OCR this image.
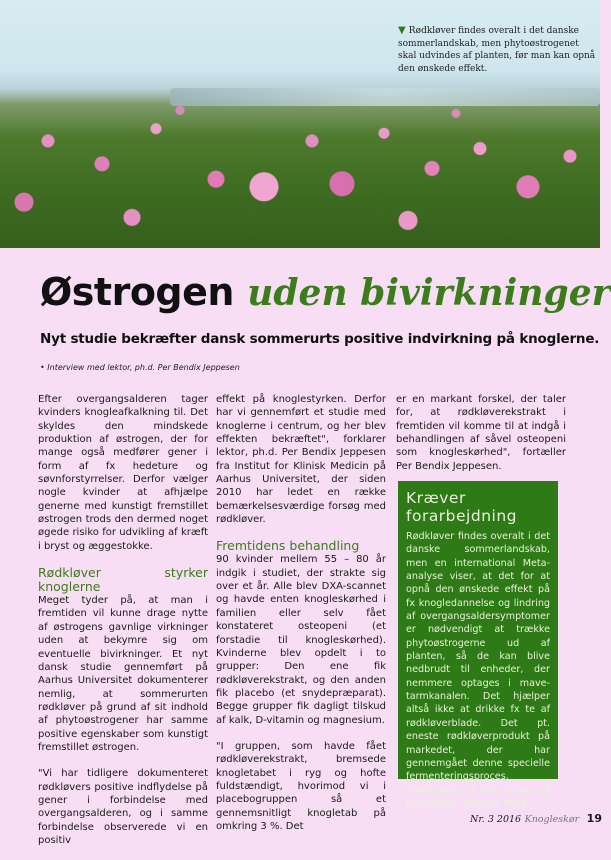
▼ Rødkløver findes overalt i det danske sommerlandskab, men phytoøstrogenet skal udvindes af planten, før man kan opnå den ønskede effekt.
Østrogen uden bivirkninger
Nyt studie bekræfter dansk sommerurts positive indvirkning på knoglerne.
• Interview med lektor, ph.d. Per Bendix Jeppesen

Efter overgangsalderen tager kvinders knogleafkalkning til. Det skyldes den mindskede produktion af østrogen, der for mange også medfører gener i form af fx hedeture og søvnforstyrrelser. Derfor vælger nogle kvinder at afhjælpe generne med kunstigt fremstillet østrogen trods den dermed noget øgede risiko for udvikling af kræft i bryst og æggestokke.

Rødkløver styrker knoglerne

Meget tyder på, at man i fremtiden vil kunne drage nytte af østrogens gavnlige virkninger uden at bekymre sig om eventuelle bivirkninger. Et nyt dansk studie gennemført på Aarhus Universitet dokumenterer nemlig, at sommerurten rødkløver på grund af sit indhold af phytoøstrogener har samme positive egenskaber som kunstigt fremstillet østrogen.

"Vi har tidligere dokumenteret rødkløvers positive indflydelse på gener i forbindelse med overgangsalderen, og i samme forbindelse observerede vi en positiv

effekt på knoglestyrken. Derfor har vi gennemført et studie med knoglerne i centrum, og her blev effekten bekræftet", forklarer lektor, ph.d. Per Bendix Jeppesen fra Institut for Klinisk Medicin på Aarhus Universitet, der siden 2010 har ledet en række bemærkelsesværdige forsøg med rødkløver.

Fremtidens behandling

90 kvinder mellem 55 – 80 år indgik i studiet, der strakte sig over et år. Alle blev DXA-scannet og havde enten knogleskørhed i familien eller selv fået konstateret osteopeni (et forstadie til knogleskørhed). Kvinderne blev opdelt i to grupper: Den ene fik rødkløverekstrakt, og den anden fik placebo (et snydepræparat). Begge grupper fik dagligt tilskud af kalk, D-vitamin og magnesium.

"I gruppen, som havde fået rødkløverekstrakt, bremsede knogletabet i ryg og hofte fuldstændigt, hvorimod vi i placebogruppen så et gennemsnitligt knogletab på omkring 3 %. Det

er en markant forskel, der taler for, at rødkløverekstrakt i fremtiden vil komme til at indgå i behandlingen af såvel osteopeni som knogleskørhed", fortæller Per Bendix Jeppesen.

Kræver forarbejdning

Rødkløver findes overalt i det danske sommerlandskab, men en international Meta-analyse viser, at det for at opnå den ønskede effekt på fx knogledannelse og lindring af overgangsaldersymptomer er nødvendigt at trække phytoøstrogerne ud af planten, så de kan blive nedbrudt til enheder, der nemmere optages i mave-tarmkanalen. Det hjælper altså ikke at drikke fx te af rødkløverblade. Det pt. eneste rødkløverprodukt på markedet, der har gennemgået denne specielle fermenteringsproces, produceres af lille firma på Fyn kaldet "Herrens Mark".

Nr. 3 2016 Knogleskør 19
